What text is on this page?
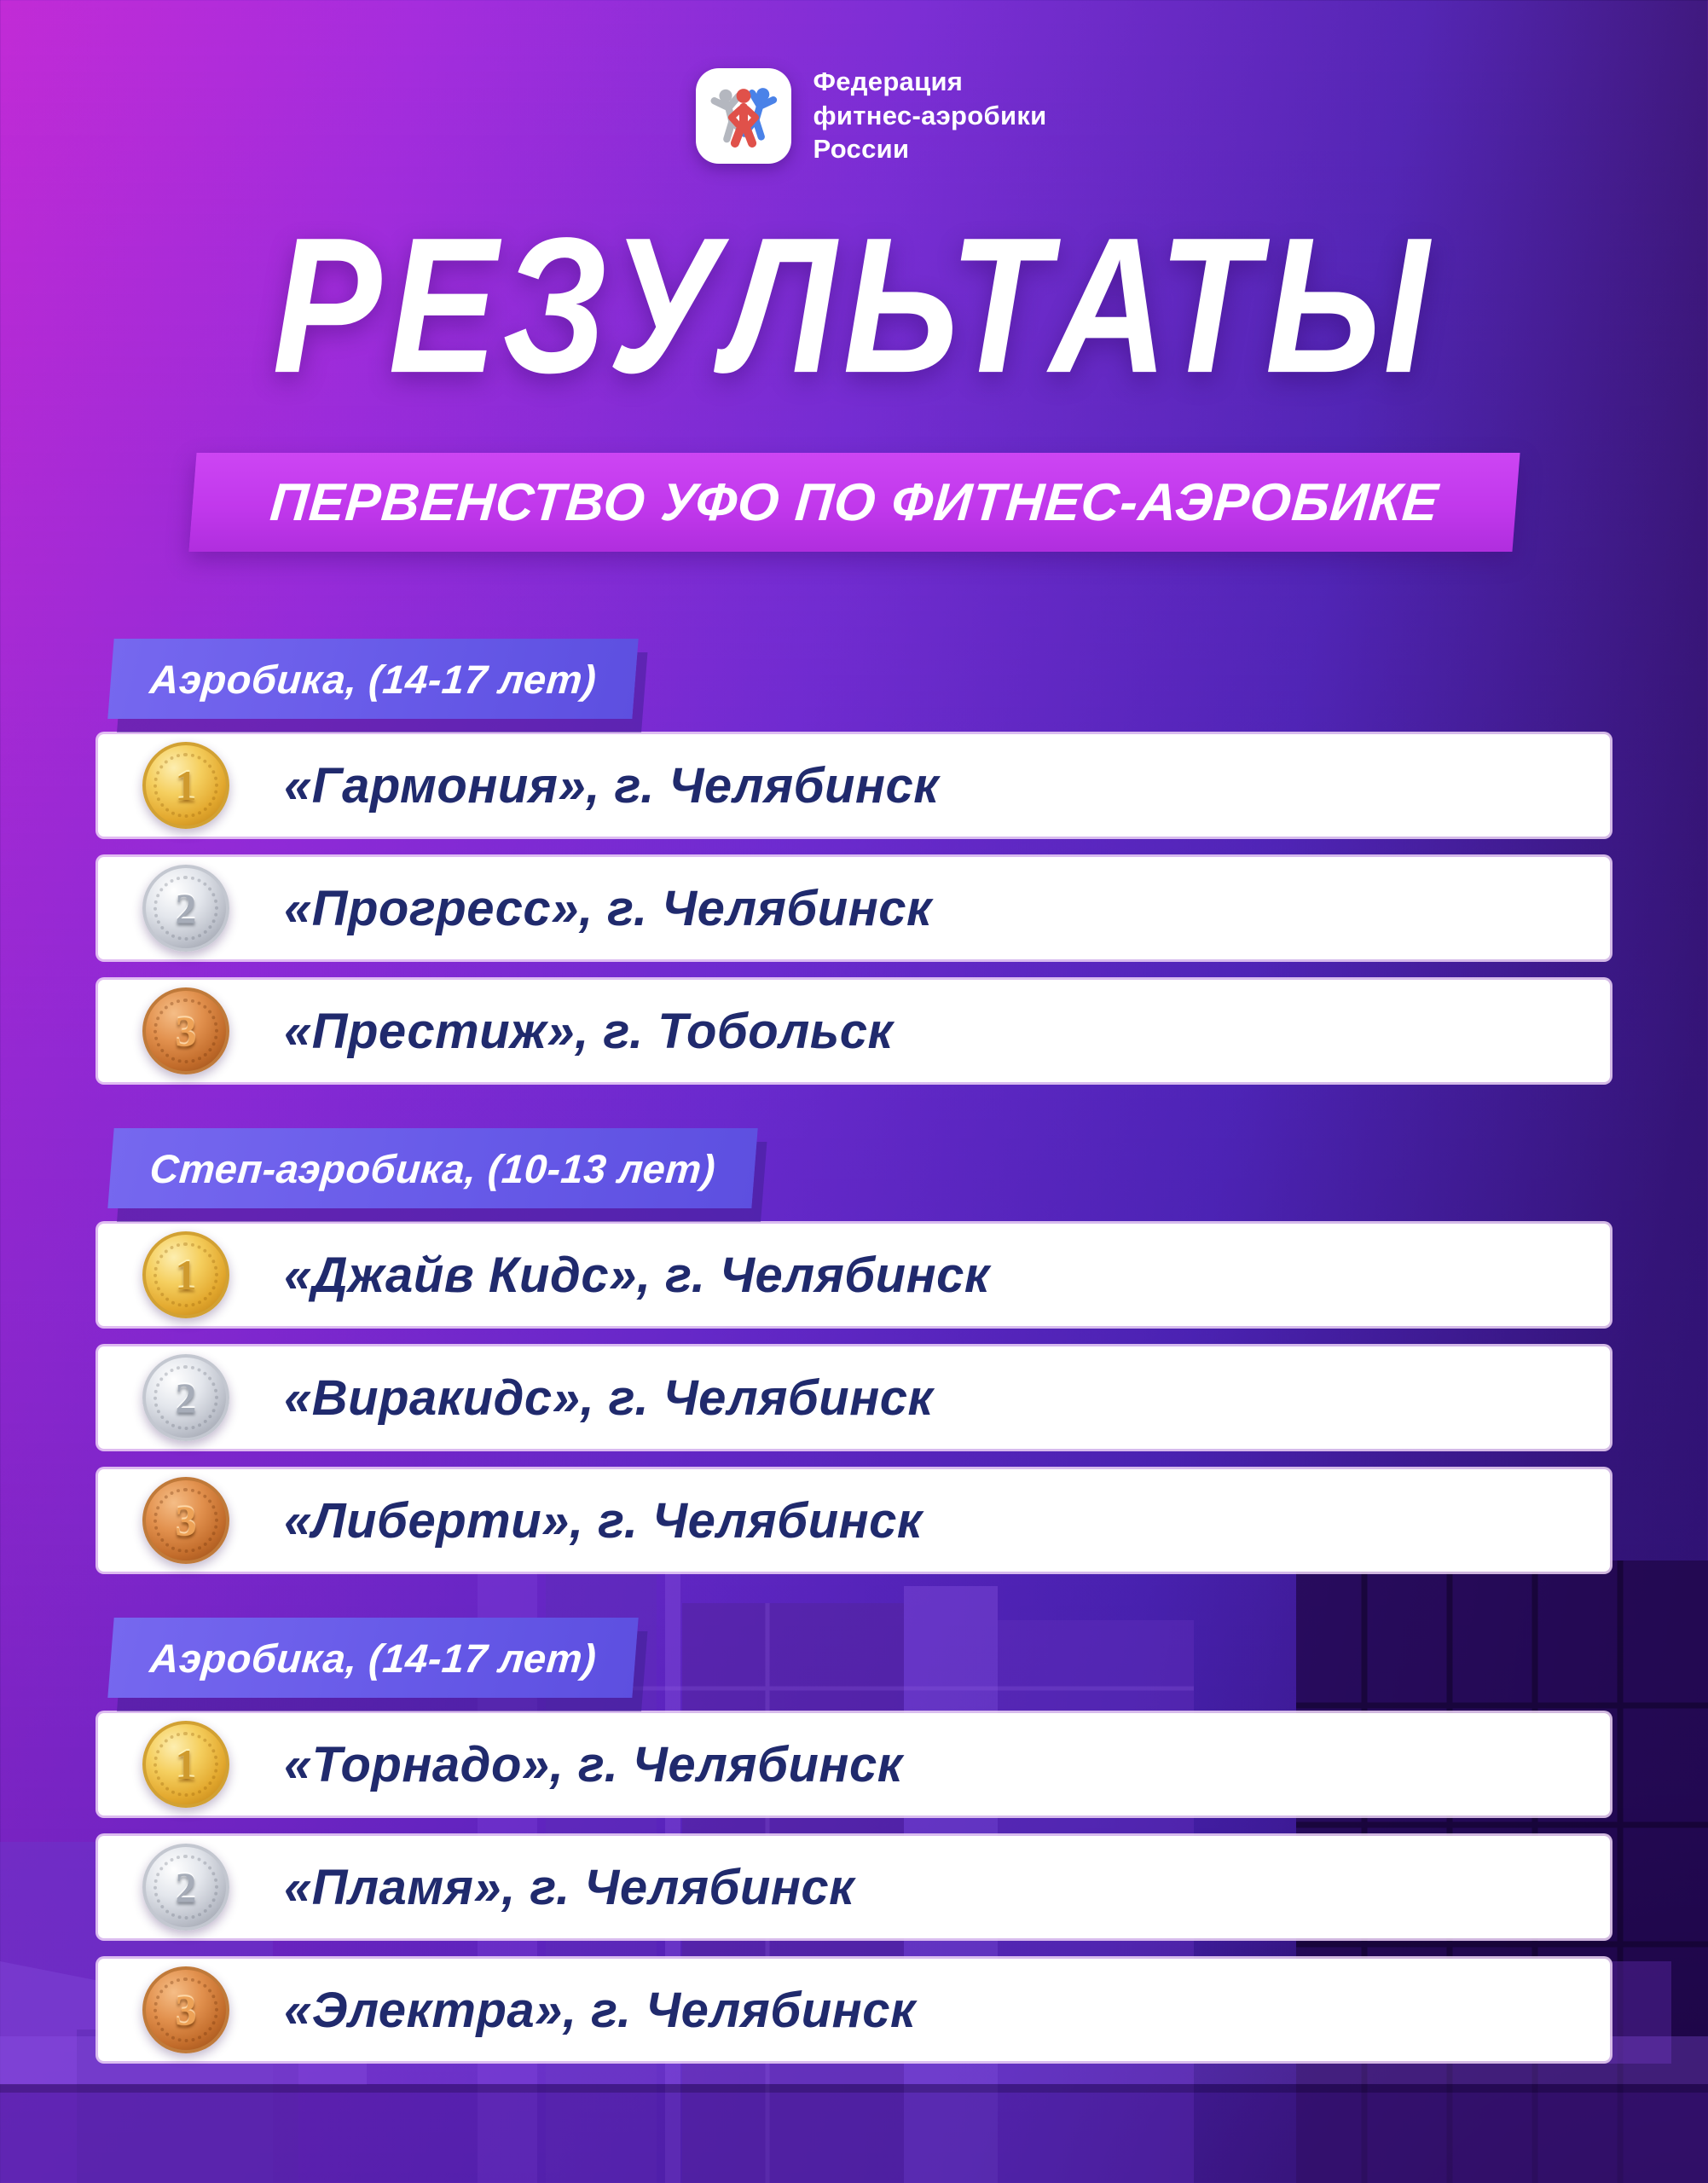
Федерация
фитнес-аэробики
России
РЕЗУЛЬТАТЫ
ПЕРВЕНСТВО УФО ПО ФИТНЕС-АЭРОБИКЕ
Аэробика, (14-17 лет)
1 «Гармония», г. Челябинск
2 «Прогресс», г. Челябинск
3 «Престиж», г. Тобольск
Степ-аэробика, (10-13 лет)
1 «Джайв Кидс», г. Челябинск
2 «Виракидс», г. Челябинск
3 «Либерти», г. Челябинск
Аэробика, (14-17 лет)
1 «Торнадо», г. Челябинск
2 «Пламя», г. Челябинск
3 «Электра», г. Челябинск
